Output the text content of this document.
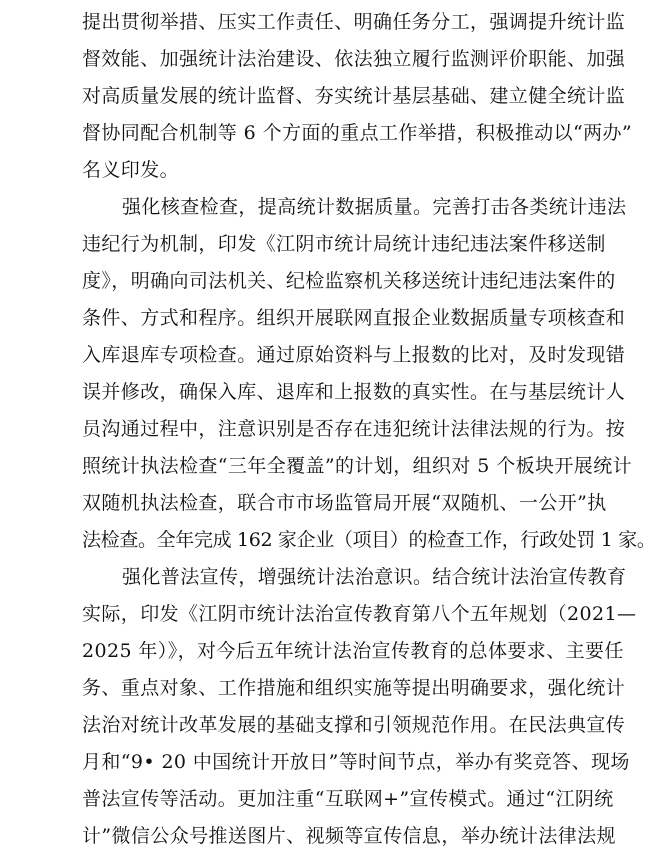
提出贯彻举措、压实工作责任、明确任务分工，强调提升统计监

督效能、加强统计法治建设、依法独立履行监测评价职能、加强

对高质量发展的统计监督、夯实统计基层基础、建立健全统计监

督协同配合机制等 6 个方面的重点工作举措，积极推动以“两办”

名义印发。

强化核查检查，提高统计数据质量。完善打击各类统计违法

违纪行为机制，印发《江阴市统计局统计违纪违法案件移送制

度》，明确向司法机关、纪检监察机关移送统计违纪违法案件的

条件、方式和程序。组织开展联网直报企业数据质量专项核查和

入库退库专项检查。通过原始资料与上报数的比对，及时发现错

误并修改，确保入库、退库和上报数的真实性。在与基层统计人

员沟通过程中，注意识别是否存在违犯统计法律法规的行为。按

照统计执法检查“三年全覆盖”的计划，组织对 5 个板块开展统计

双随机执法检查，联合市市场监管局开展“双随机、一公开”执

法检查。全年完成 162 家企业（项目）的检查工作，行政处罚 1 家。

强化普法宣传，增强统计法治意识。结合统计法治宣传教育

实际，印发《江阴市统计法治宣传教育第八个五年规划（2021—

2025 年）》，对今后五年统计法治宣传教育的总体要求、主要任

务、重点对象、工作措施和组织实施等提出明确要求，强化统计

法治对统计改革发展的基础支撑和引领规范作用。在民法典宣传

月和“9• 20 中国统计开放日”等时间节点，举办有奖竞答、现场

普法宣传等活动。更加注重“互联网+”宣传模式。通过“江阴统

计”微信公众号推送图片、视频等宣传信息，举办统计法律法规
